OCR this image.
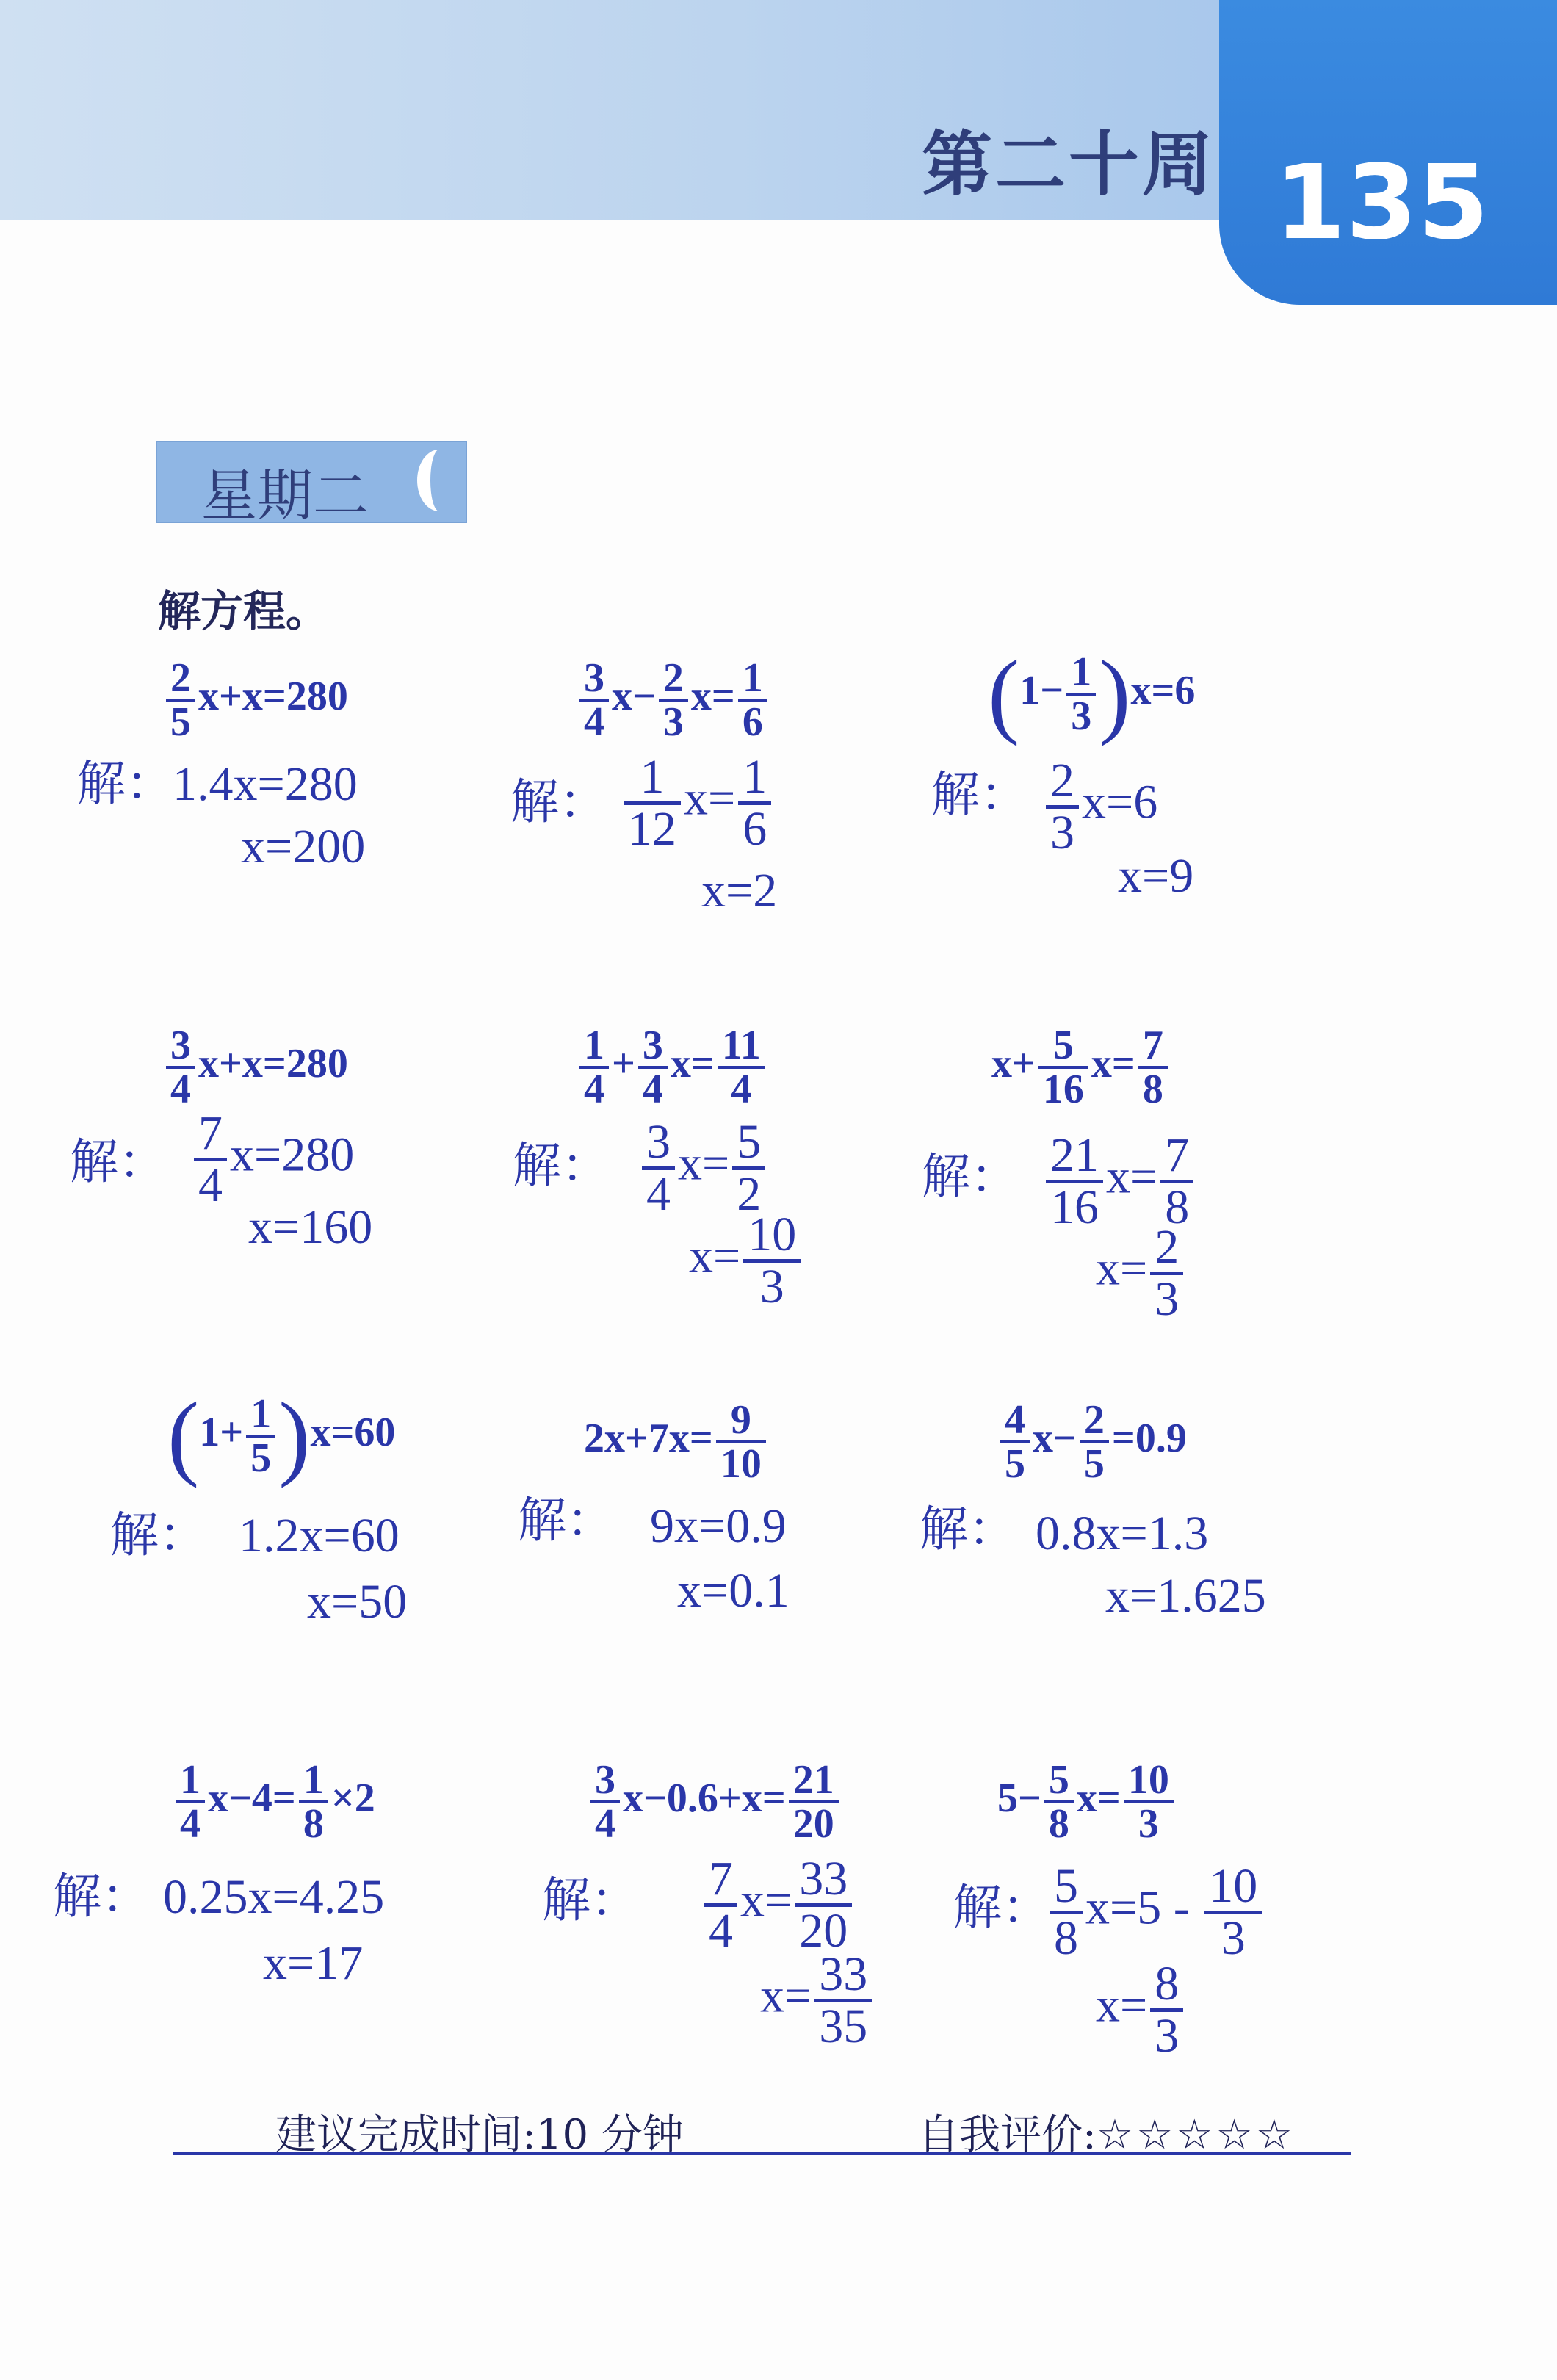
第二十周 135
星期二
解方程。
$\frac{2}{5} x+x=280$
解：
1.4x=280
x=200
$\frac{3}{4} x- \frac{2}{3} x= \frac{1}{6}$
解： $\frac{1}{12} x= \frac{1}{6}$
x=2
$(1- \frac{1}{3} )x=6$
解： $\frac{2}{3} x=6$
x=9
$\frac{3}{4} x+x=280$
解： $\frac{7}{4} x=280$
x=160
$\frac{1}{4} + \frac{3}{4} x= \frac{11}{4}$
解： $\frac{3}{4} x= \frac{5}{2}$
$x= \frac{10}{3}$
$x+ \frac{5}{16} x= \frac{7}{8}$
解： $\frac{21}{16} x= \frac{7}{8}$
$x= \frac{2}{3}$
$(1+ \frac{1}{5} )x=60$
解： 1.2x=60
x=50
$2x+7x= \frac{9}{10}$
解： 9x=0.9
x=0.1
$\frac{4}{5} x- \frac{2}{5} =0.9$
解： 0.8x=1.3
x=1.625
$\frac{1}{4} x-4= \frac{1}{8} \times 2$
解： 0.25x=4.25
x=17
$\frac{3}{4} x-0.6+x= \frac{21}{20}$
解： $\frac{7}{4} x= \frac{33}{20}$
$x= \frac{33}{35}$
$5- \frac{5}{8} x= \frac{10}{3}$
解： $\frac{5}{8} x=5 - \frac{10}{3}$
$x= \frac{8}{3}$
建议完成时间:10 分钟	自我评价:☆☆☆☆☆
